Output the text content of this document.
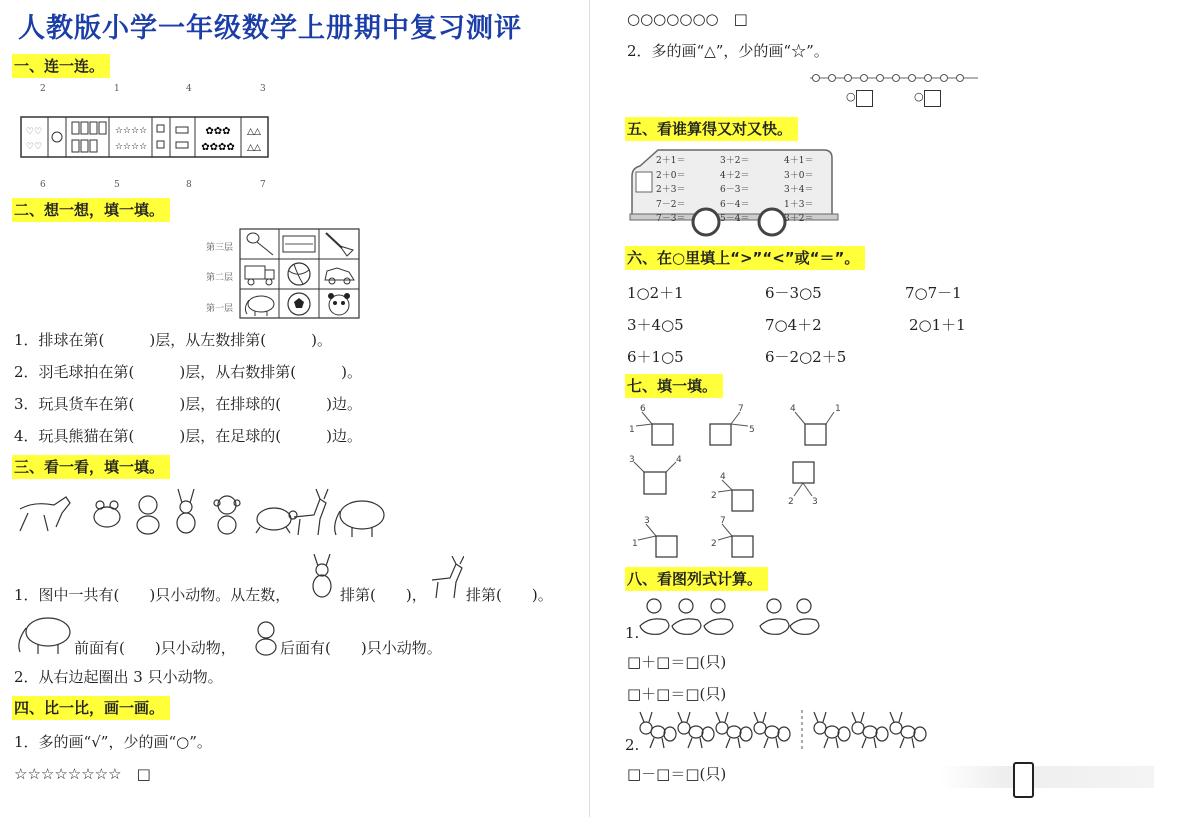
人教版小学一年级数学上册期中复习测评
一、连一连。
2	1	4	3
♡♡
♡♡
☆☆☆☆
☆☆☆☆
✿✿✿
✿✿✿✿
△△
△△
6	5	8	7
二、想一想，填一填。
第三层
第二层
第一层
1．排球在第(　　　)层，从左数排第(　　　)。
2．羽毛球拍在第(　　　)层，从右数排第(　　　)。
3．玩具货车在第(　　　)层，在排球的(　　　)边。
4．玩具熊猫在第(　　　)层，在足球的(　　　)边。
三、看一看，填一填。
1．图中一共有(　　)只小动物。从左数，	排第(　　)，	排第(　　)。
前面有(　　)只小动物，	后面有(　　)只小动物。
2．从右边起圈出 3 只小动物。
四、比一比，画一画。
1．多的画“√”，少的画“○”。
☆☆☆☆☆☆☆☆　□
○○○○○○○　□
2．多的画“△”，少的画“☆”。
○	○
五、看谁算得又对又快。
2＋1＝	3＋2＝	4＋1＝
2＋0＝	4＋2＝	3＋0＝
2＋3＝	6－3＝	3＋4＝
7－2＝	6－4＝	1＋3＝
7－3＝	5－4＝	3＋2＝
六、在○里填上“>”“<”或“＝”。
1○2＋1	6－3○5	7○7－1
3＋4○5	7○4＋2	2○1＋1
6＋1○5	6－2○2＋5
七、填一填。
6
1
7
5
4	1
3	4
4
2
2 3
3
1
7
2
八、看图列式计算。
1.
□＋□＝□(只)
□＋□＝□(只)
2.
□－□＝□(只)
